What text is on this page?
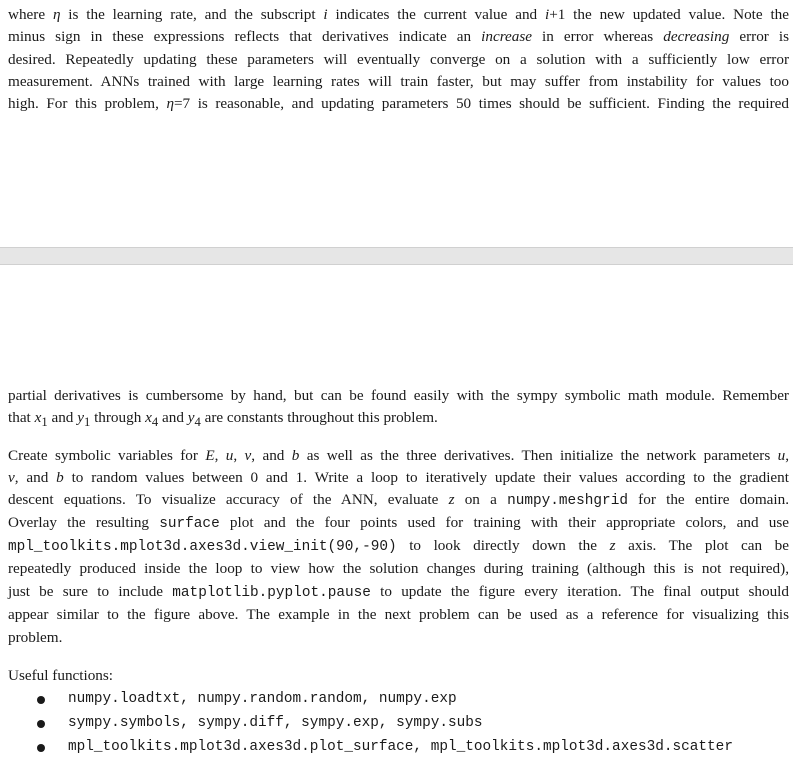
where η is the learning rate, and the subscript i indicates the current value and i+1 the new updated value. Note the
minus sign in these expressions reflects that derivatives indicate an increase in error whereas decreasing error is
desired. Repeatedly updating these parameters will eventually converge on a solution with a sufficiently low error
measurement. ANNs trained with large learning rates will train faster, but may suffer from instability for values too
high. For this problem, η=7 is reasonable, and updating parameters 50 times should be sufficient. Finding the required
partial derivatives is cumbersome by hand, but can be found easily with the sympy symbolic math module. Remember
that $x_1$ and $y_1$ through $x_4$ and $y_4$ are constants throughout this problem.
Create symbolic variables for E, u, v, and b as well as the three derivatives. Then initialize the network parameters u,
v, and b to random values between 0 and 1. Write a loop to iteratively update their values according to the gradient
descent equations. To visualize accuracy of the ANN, evaluate z on a numpy.meshgrid for the entire domain.
Overlay the resulting surface plot and the four points used for training with their appropriate colors, and use
mpl_toolkits.mplot3d.axes3d.view_init(90,-90) to look directly down the z axis. The plot can be
repeatedly produced inside the loop to view how the solution changes during training (although this is not required),
just be sure to include matplotlib.pyplot.pause to update the figure every iteration. The final output should
appear similar to the figure above. The example in the next problem can be used as a reference for visualizing this
problem.
Useful functions:
numpy.loadtxt, numpy.random.random, numpy.exp
sympy.symbols, sympy.diff, sympy.exp, sympy.subs
mpl_toolkits.mplot3d.axes3d.plot_surface, mpl_toolkits.mplot3d.axes3d.scatter
